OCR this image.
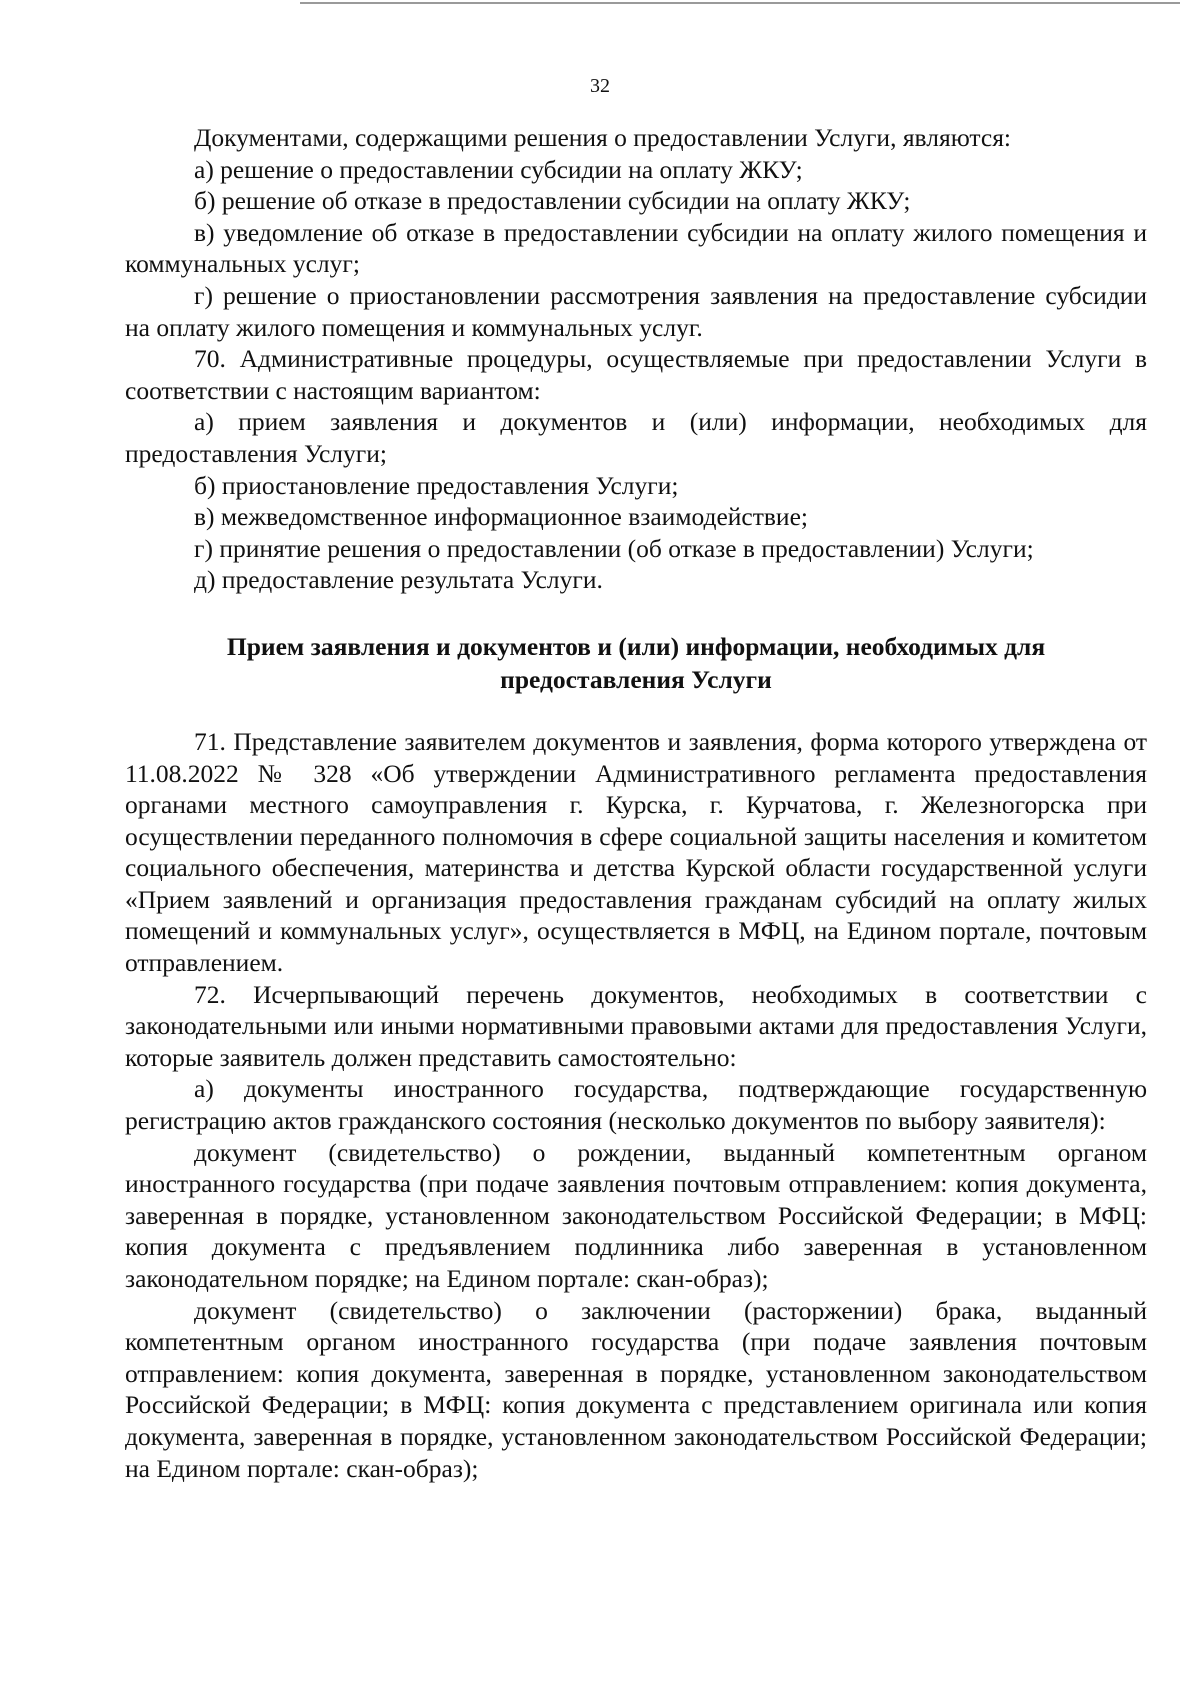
32

Документами, содержащими решения о предоставлении Услуги, являются:

а) решение о предоставлении субсидии на оплату ЖКУ;

б) решение об отказе в предоставлении субсидии на оплату ЖКУ;

в) уведомление об отказе в предоставлении субсидии на оплату жилого помещения и коммунальных услуг;

г) решение о приостановлении рассмотрения заявления на предоставление субсидии на оплату жилого помещения и коммунальных услуг.

70. Административные процедуры, осуществляемые при предоставлении Услуги в соответствии с настоящим вариантом:

а) прием заявления и документов и (или) информации, необходимых для предоставления Услуги;

б) приостановление предоставления Услуги;

в) межведомственное информационное взаимодействие;

г) принятие решения о предоставлении (об отказе в предоставлении) Услуги;

д) предоставление результата Услуги.

Прием заявления и документов и (или) информации, необходимых для предоставления Услуги

71. Представление заявителем документов и заявления, форма которого утверждена от 11.08.2022 № 328 «Об утверждении Административного регламента предоставления органами местного самоуправления г. Курска, г. Курчатова, г. Железногорска при осуществлении переданного полномочия в сфере социальной защиты населения и комитетом социального обеспечения, материнства и детства Курской области государственной услуги «Прием заявлений и организация предоставления гражданам субсидий на оплату жилых помещений и коммунальных услуг», осуществляется в МФЦ, на Едином портале, почтовым отправлением.

72. Исчерпывающий перечень документов, необходимых в соответствии с законодательными или иными нормативными правовыми актами для предоставления Услуги, которые заявитель должен представить самостоятельно:

а) документы иностранного государства, подтверждающие государственную регистрацию актов гражданского состояния (несколько документов по выбору заявителя):

документ (свидетельство) о рождении, выданный компетентным органом иностранного государства (при подаче заявления почтовым отправлением: копия документа, заверенная в порядке, установленном законодательством Российской Федерации; в МФЦ: копия документа с предъявлением подлинника либо заверенная в установленном законодательном порядке; на Едином портале: скан-образ);

документ (свидетельство) о заключении (расторжении) брака, выданный компетентным органом иностранного государства (при подаче заявления почтовым отправлением: копия документа, заверенная в порядке, установленном законодательством Российской Федерации; в МФЦ: копия документа с представлением оригинала или копия документа, заверенная в порядке, установленном законодательством Российской Федерации; на Едином портале: скан-образ);
